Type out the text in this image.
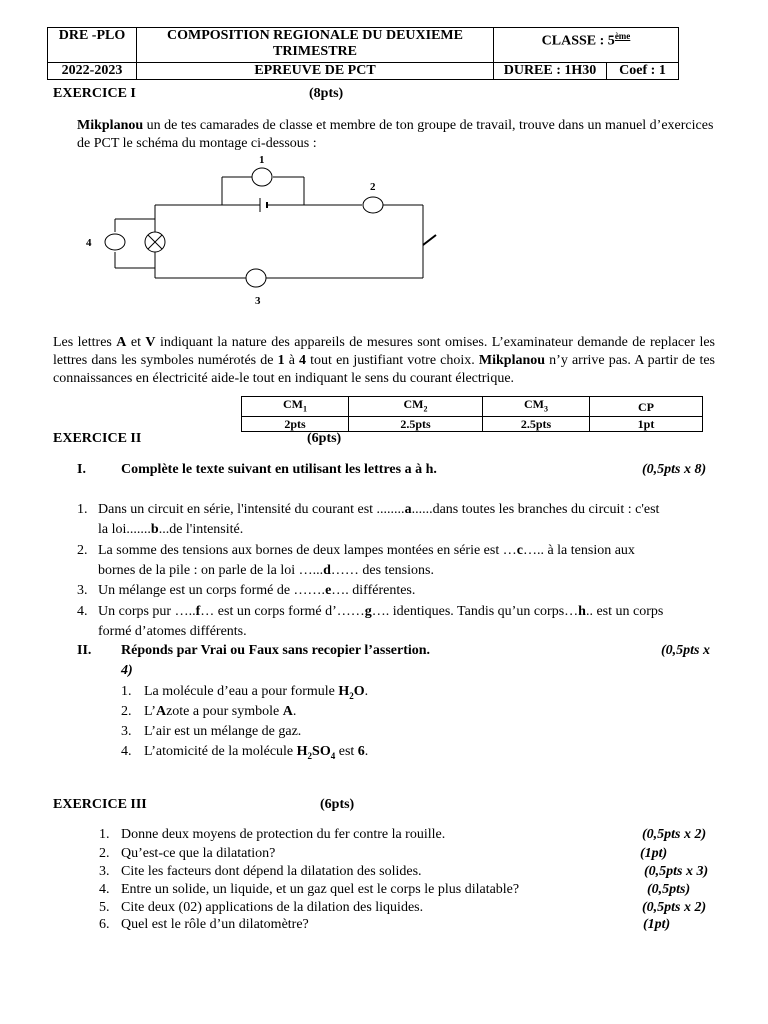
DRE -PLO	COMPOSITION REGIONALE DU DEUXIEME TRIMESTRE	CLASSE : 5ème
2022-2023	EPREUVE DE PCT	DUREE : 1H30	Coef : 1
EXERCICE I	(8pts)
Mikplanou un de tes camarades de classe et membre de ton groupe de travail, trouve dans un manuel d’exercices de PCT le schéma du montage ci-dessous :
1
2
3
4
Les lettres A et V indiquant la nature des appareils de mesures sont omises. L’examinateur demande de replacer les lettres dans les symboles numérotés de 1 à 4 tout en justifiant votre choix. Mikplanou n’y arrive pas. A partir de tes connaissances en électricité aide-le tout en indiquant le sens du courant électrique.
$CM_1$	$CM_2$	$CM_3$	CP
2pts	2.5pts	2.5pts	1pt
EXERCICE II	(6pts)
I.	Complète le texte suivant en utilisant les lettres a à h.	(0,5pts x 8)
1. Dans un circuit en série, l'intensité du courant est ........a......dans toutes les branches du circuit : c'est
la loi.......b...de l'intensité.
2. La somme des tensions aux bornes de deux lampes montées en série est …c….. à la tension aux
bornes de la pile : on parle de la loi …...d…… des tensions.
3. Un mélange est un corps formé de …….e…. différentes.
4. Un corps pur …..f… est un corps formé d’……g…. identiques. Tandis qu’un corps…h.. est un corps
formé d’atomes différents.
II. Réponds par Vrai ou Faux sans recopier l’assertion.	(0,5pts x
4)
1. La molécule d’eau a pour formule $H_2O$.
2. L’Azote a pour symbole A.
3. L’air est un mélange de gaz.
4. L’atomicité de la molécule $H_2SO_4$ est 6.
EXERCICE III	(6pts)
1. Donne deux moyens de protection du fer contre la rouille.	(0,5pts x 2)
2. Qu’est-ce que la dilatation?	(1pt)
3. Cite les facteurs dont dépend la dilatation des solides.	(0,5pts x 3)
4. Entre un solide, un liquide, et un gaz quel est le corps le plus dilatable?	(0,5pts)
5. Cite deux (02) applications de la dilation des liquides.	(0,5pts x 2)
6. Quel est le rôle d’un dilatomètre?	(1pt)
